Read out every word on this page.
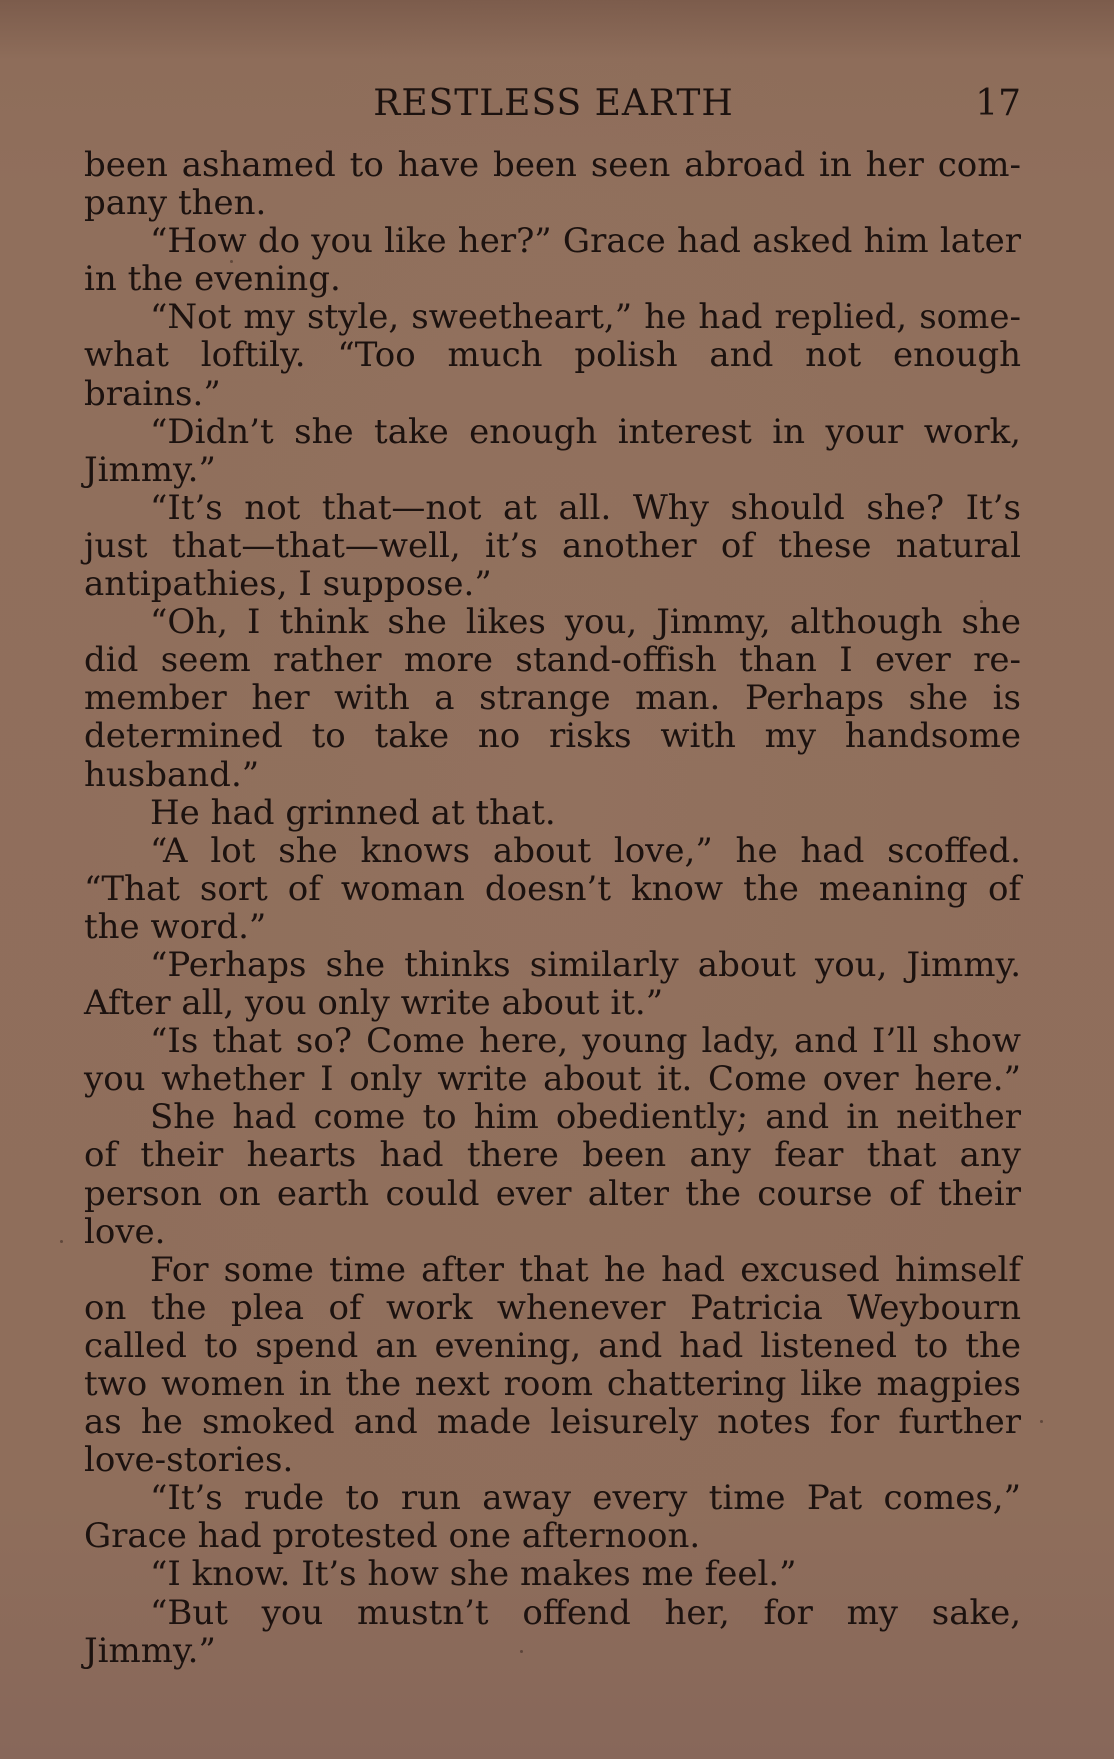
RESTLESS EARTH	17
been ashamed to have been seen abroad in her com-
pany then.
“How do you like her?” Grace had asked him later
in the evening.
“Not my style, sweetheart,” he had replied, some-
what loftily. “Too much polish and not enough
brains.”
“Didn’t she take enough interest in your work,
Jimmy.”
“It’s not that—not at all. Why should she? It’s
just that—that—well, it’s another of these natural
antipathies, I suppose.”
“Oh, I think she likes you, Jimmy, although she
did seem rather more stand-offish than I ever re-
member her with a strange man. Perhaps she is
determined to take no risks with my handsome
husband.”
He had grinned at that.
“A lot she knows about love,” he had scoffed.
“That sort of woman doesn’t know the meaning of
the word.”
“Perhaps she thinks similarly about you, Jimmy.
After all, you only write about it.”
“Is that so? Come here, young lady, and I’ll show
you whether I only write about it. Come over here.”
She had come to him obediently; and in neither
of their hearts had there been any fear that any
person on earth could ever alter the course of their
love.
For some time after that he had excused himself
on the plea of work whenever Patricia Weybourn
called to spend an evening, and had listened to the
two women in the next room chattering like magpies
as he smoked and made leisurely notes for further
love-stories.
“It’s rude to run away every time Pat comes,”
Grace had protested one afternoon.
“I know. It’s how she makes me feel.”
“But you mustn’t offend her, for my sake,
Jimmy.”
